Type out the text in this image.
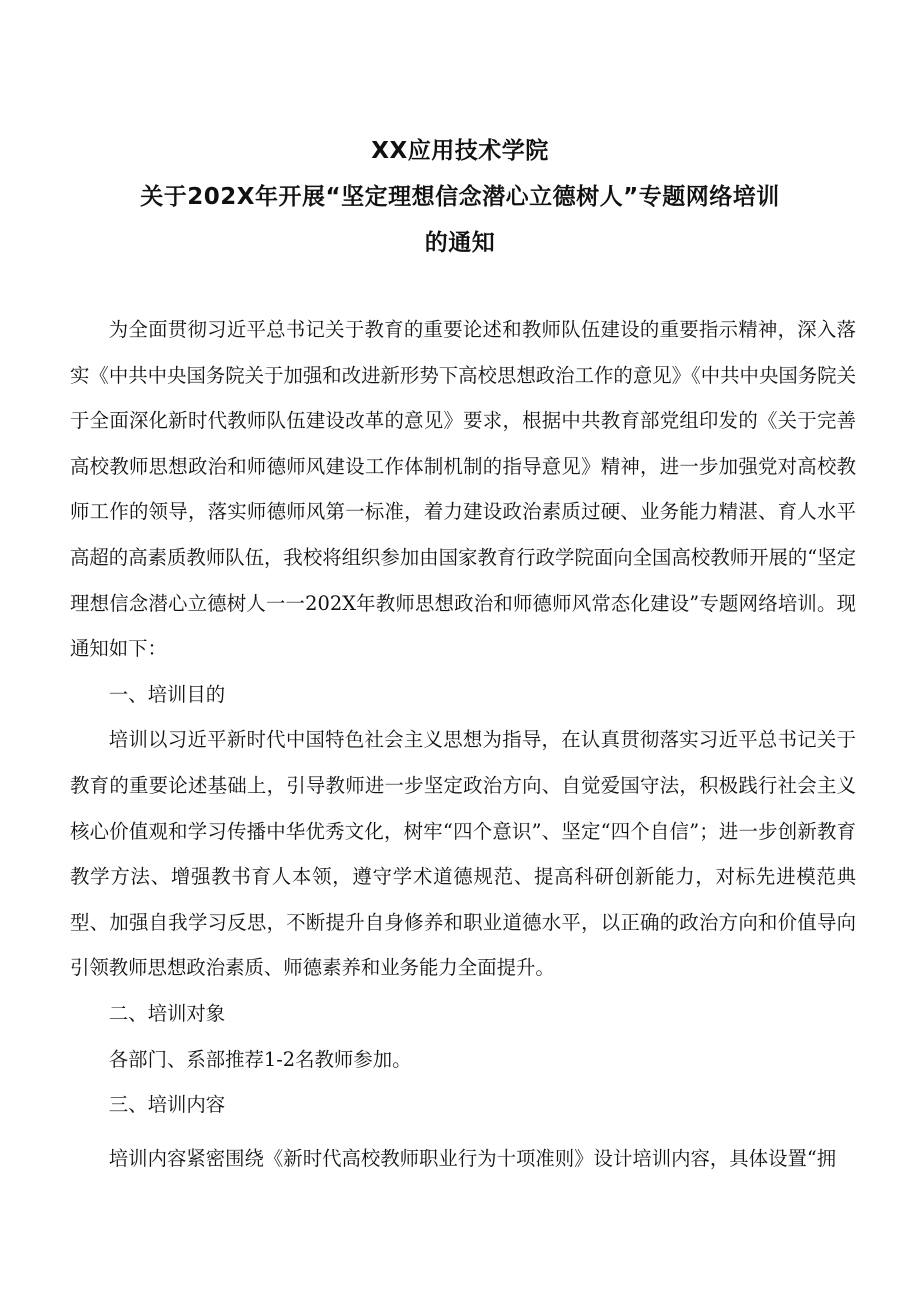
XX应用技术学院
关于202X年开展“坚定理想信念潜心立德树人”专题网络培训
的通知

为全面贯彻习近平总书记关于教育的重要论述和教师队伍建设的重要指示精神，深入落实《中共中央国务院关于加强和改进新形势下高校思想政治工作的意见》《中共中央国务院关于全面深化新时代教师队伍建设改革的意见》要求，根据中共教育部党组印发的《关于完善高校教师思想政治和师德师风建设工作体制机制的指导意见》精神，进一步加强党对高校教师工作的领导，落实师德师风第一标准，着力建设政治素质过硬、业务能力精湛、育人水平高超的高素质教师队伍，我校将组织参加由国家教育行政学院面向全国高校教师开展的“坚定理想信念潜心立德树人一一202X年教师思想政治和师德师风常态化建设”专题网络培训。现通知如下：

一、培训目的

培训以习近平新时代中国特色社会主义思想为指导，在认真贯彻落实习近平总书记关于教育的重要论述基础上，引导教师进一步坚定政治方向、自觉爱国守法，积极践行社会主义核心价值观和学习传播中华优秀文化，树牢“四个意识”、坚定“四个自信”；进一步创新教育教学方法、增强教书育人本领，遵守学术道德规范、提高科研创新能力，对标先进模范典型、加强自我学习反思，不断提升自身修养和职业道德水平，以正确的政治方向和价值导向引领教师思想政治素质、师德素养和业务能力全面提升。

二、培训对象

各部门、系部推荐1-2名教师参加。

三、培训内容

培训内容紧密围绕《新时代高校教师职业行为十项准则》设计培训内容，具体设置“拥
